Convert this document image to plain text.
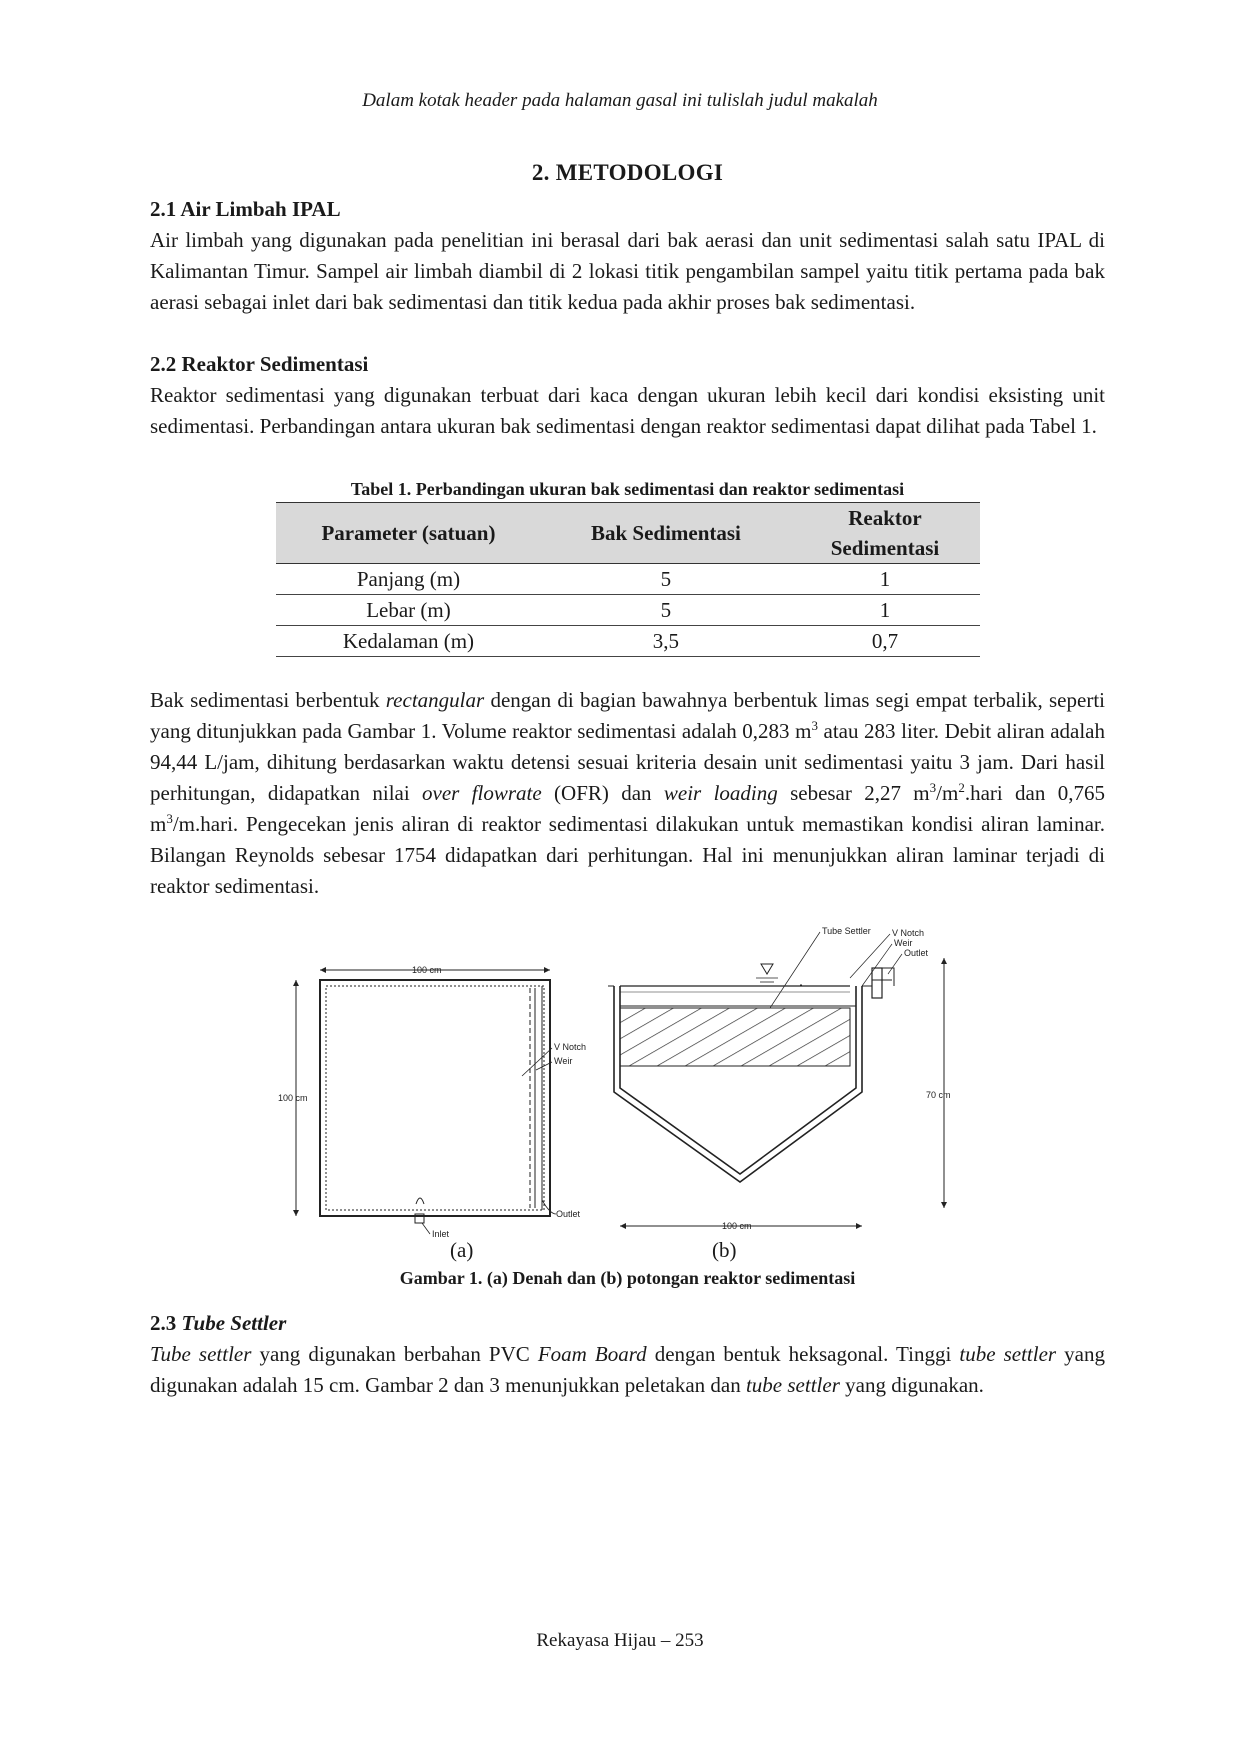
Dalam kotak header pada halaman gasal ini tulislah judul makalah
2. METODOLOGI
2.1 Air Limbah IPAL

Air limbah yang digunakan pada penelitian ini berasal dari bak aerasi dan unit sedimentasi salah satu IPAL di Kalimantan Timur. Sampel air limbah diambil di 2 lokasi titik pengambilan sampel yaitu titik pertama pada bak aerasi sebagai inlet dari bak sedimentasi dan titik kedua pada akhir proses bak sedimentasi.

2.2 Reaktor Sedimentasi

Reaktor sedimentasi yang digunakan terbuat dari kaca dengan ukuran lebih kecil dari kondisi eksisting unit sedimentasi. Perbandingan antara ukuran bak sedimentasi dengan reaktor sedimentasi dapat dilihat pada Tabel 1.

Tabel 1. Perbandingan ukuran bak sedimentasi dan reaktor sedimentasi
Parameter (satuan)	Bak Sedimentasi	Reaktor Sedimentasi
Panjang (m)	5	1
Lebar (m)	5	1
Kedalaman (m)	3,5	0,7

Bak sedimentasi berbentuk rectangular dengan di bagian bawahnya berbentuk limas segi empat terbalik, seperti yang ditunjukkan pada Gambar 1. Volume reaktor sedimentasi adalah 0,283 $m^3$ atau 283 liter. Debit aliran adalah 94,44 L/jam, dihitung berdasarkan waktu detensi sesuai kriteria desain unit sedimentasi yaitu 3 jam. Dari hasil perhitungan, didapatkan nilai over flowrate (OFR) dan weir loading sebesar 2,27 $m^3/m^2.hari$ dan 0,765 $m^3/m.hari$. Pengecekan jenis aliran di reaktor sedimentasi dilakukan untuk memastikan kondisi aliran laminar. Bilangan Reynolds sebesar 1754 didapatkan dari perhitungan. Hal ini menunjukkan aliran laminar terjadi di reaktor sedimentasi.

100 cm
100 cm
V Notch
Weir
Outlet
Inlet
Tube Settler V Notch
Weir
Outlet
70 cm
100 cm
(a)	(b)
Gambar 1. (a) Denah dan (b) potongan reaktor sedimentasi
2.3 Tube Settler

Tube settler yang digunakan berbahan PVC Foam Board dengan bentuk heksagonal. Tinggi tube settler yang digunakan adalah 15 cm. Gambar 2 dan 3 menunjukkan peletakan dan tube settler yang digunakan.

Rekayasa Hijau – 253
